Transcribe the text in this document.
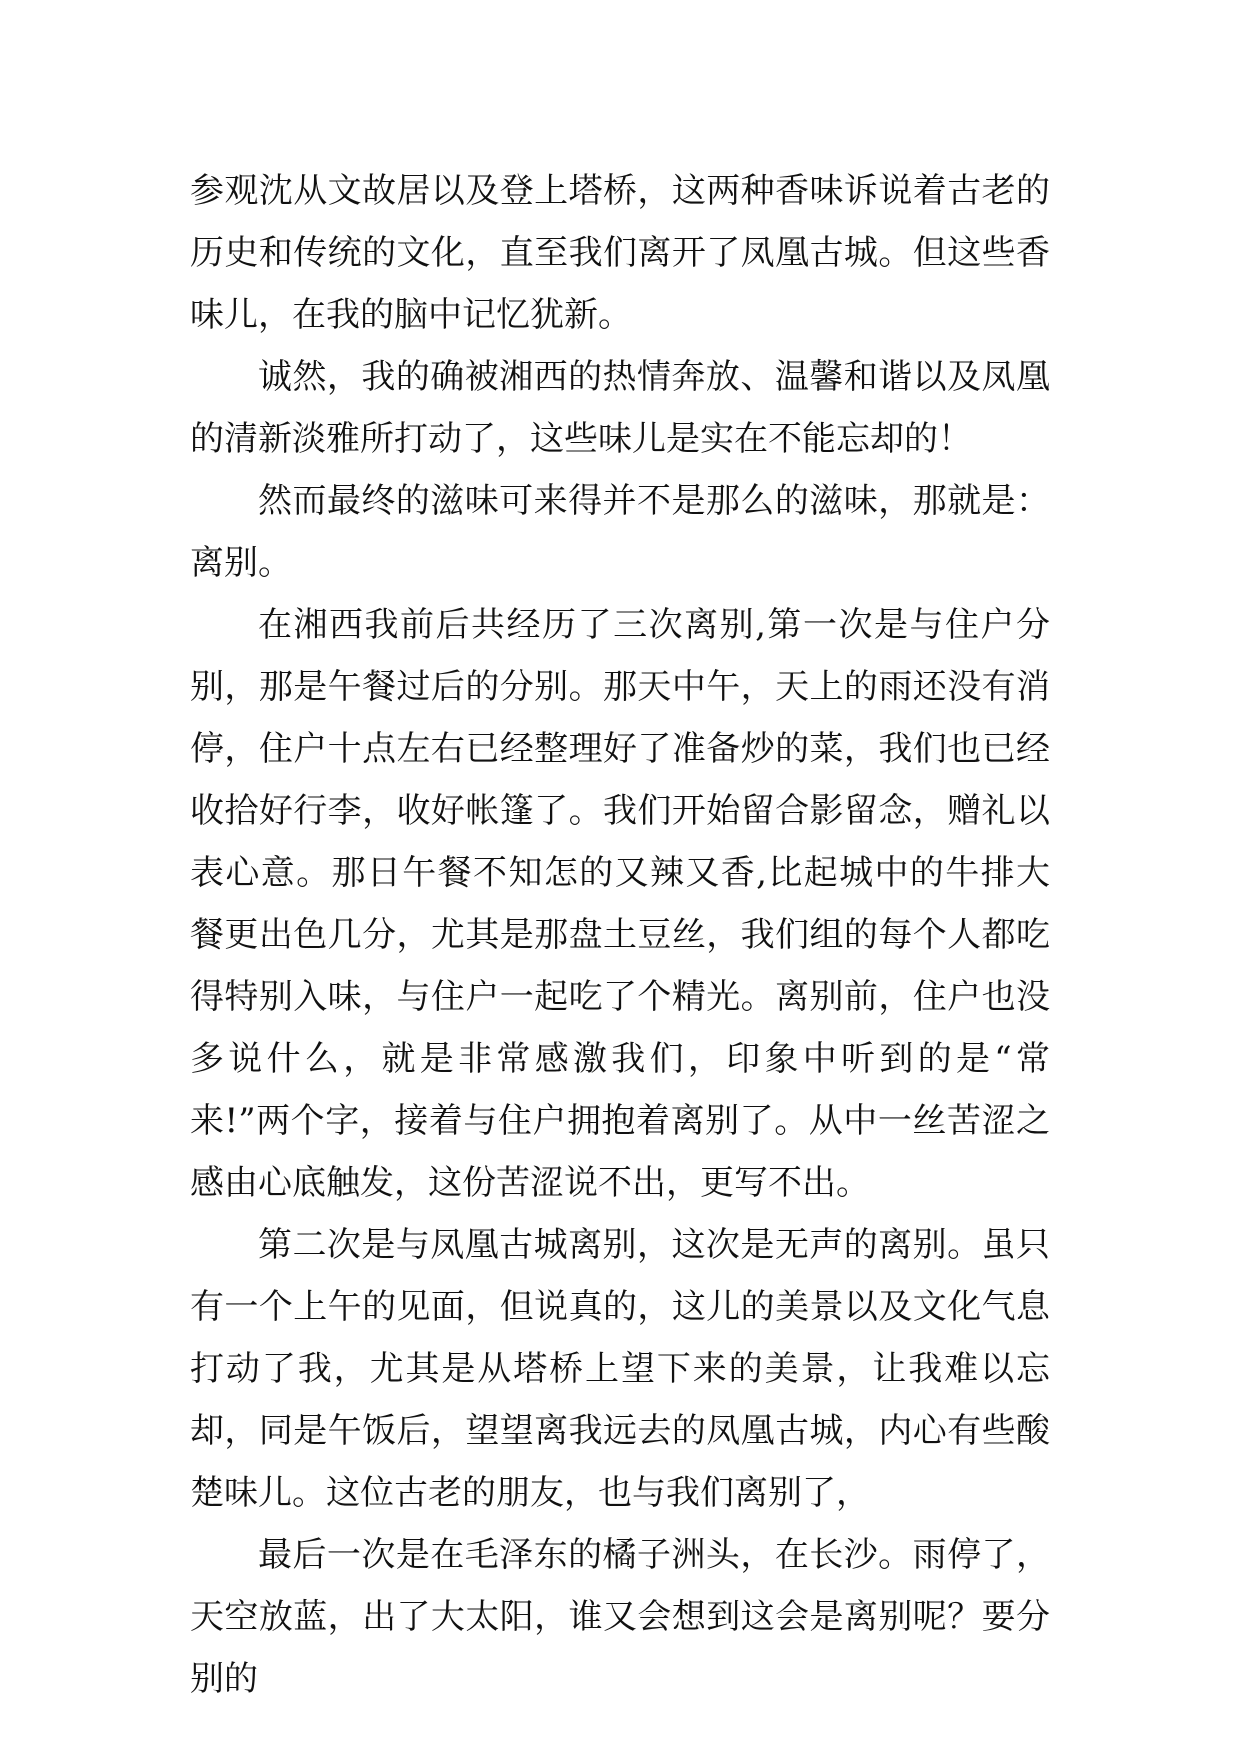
参观沈从文故居以及登上塔桥，这两种香味诉说着古老的历史和传统的文化，直至我们离开了凤凰古城。但这些香味儿，在我的脑中记忆犹新。

诚然，我的确被湘西的热情奔放、温馨和谐以及凤凰的清新淡雅所打动了，这些味儿是实在不能忘却的！

然而最终的滋味可来得并不是那么的滋味，那就是：离别。

在湘西我前后共经历了三次离别,第一次是与住户分别，那是午餐过后的分别。那天中午，天上的雨还没有消停，住户十点左右已经整理好了准备炒的菜，我们也已经收拾好行李，收好帐篷了。我们开始留合影留念，赠礼以表心意。那日午餐不知怎的又辣又香,比起城中的牛排大餐更出色几分，尤其是那盘土豆丝，我们组的每个人都吃得特别入味，与住户一起吃了个精光。离别前，住户也没多说什么，就是非常感激我们，印象中听到的是“常来!”两个字，接着与住户拥抱着离别了。从中一丝苦涩之感由心底触发，这份苦涩说不出，更写不出。

第二次是与凤凰古城离别，这次是无声的离别。虽只有一个上午的见面，但说真的，这儿的美景以及文化气息打动了我，尤其是从塔桥上望下来的美景，让我难以忘却，同是午饭后，望望离我远去的凤凰古城，内心有些酸楚味儿。这位古老的朋友，也与我们离别了，

最后一次是在毛泽东的橘子洲头，在长沙。雨停了，天空放蓝，出了大太阳，谁又会想到这会是离别呢？要分别的
